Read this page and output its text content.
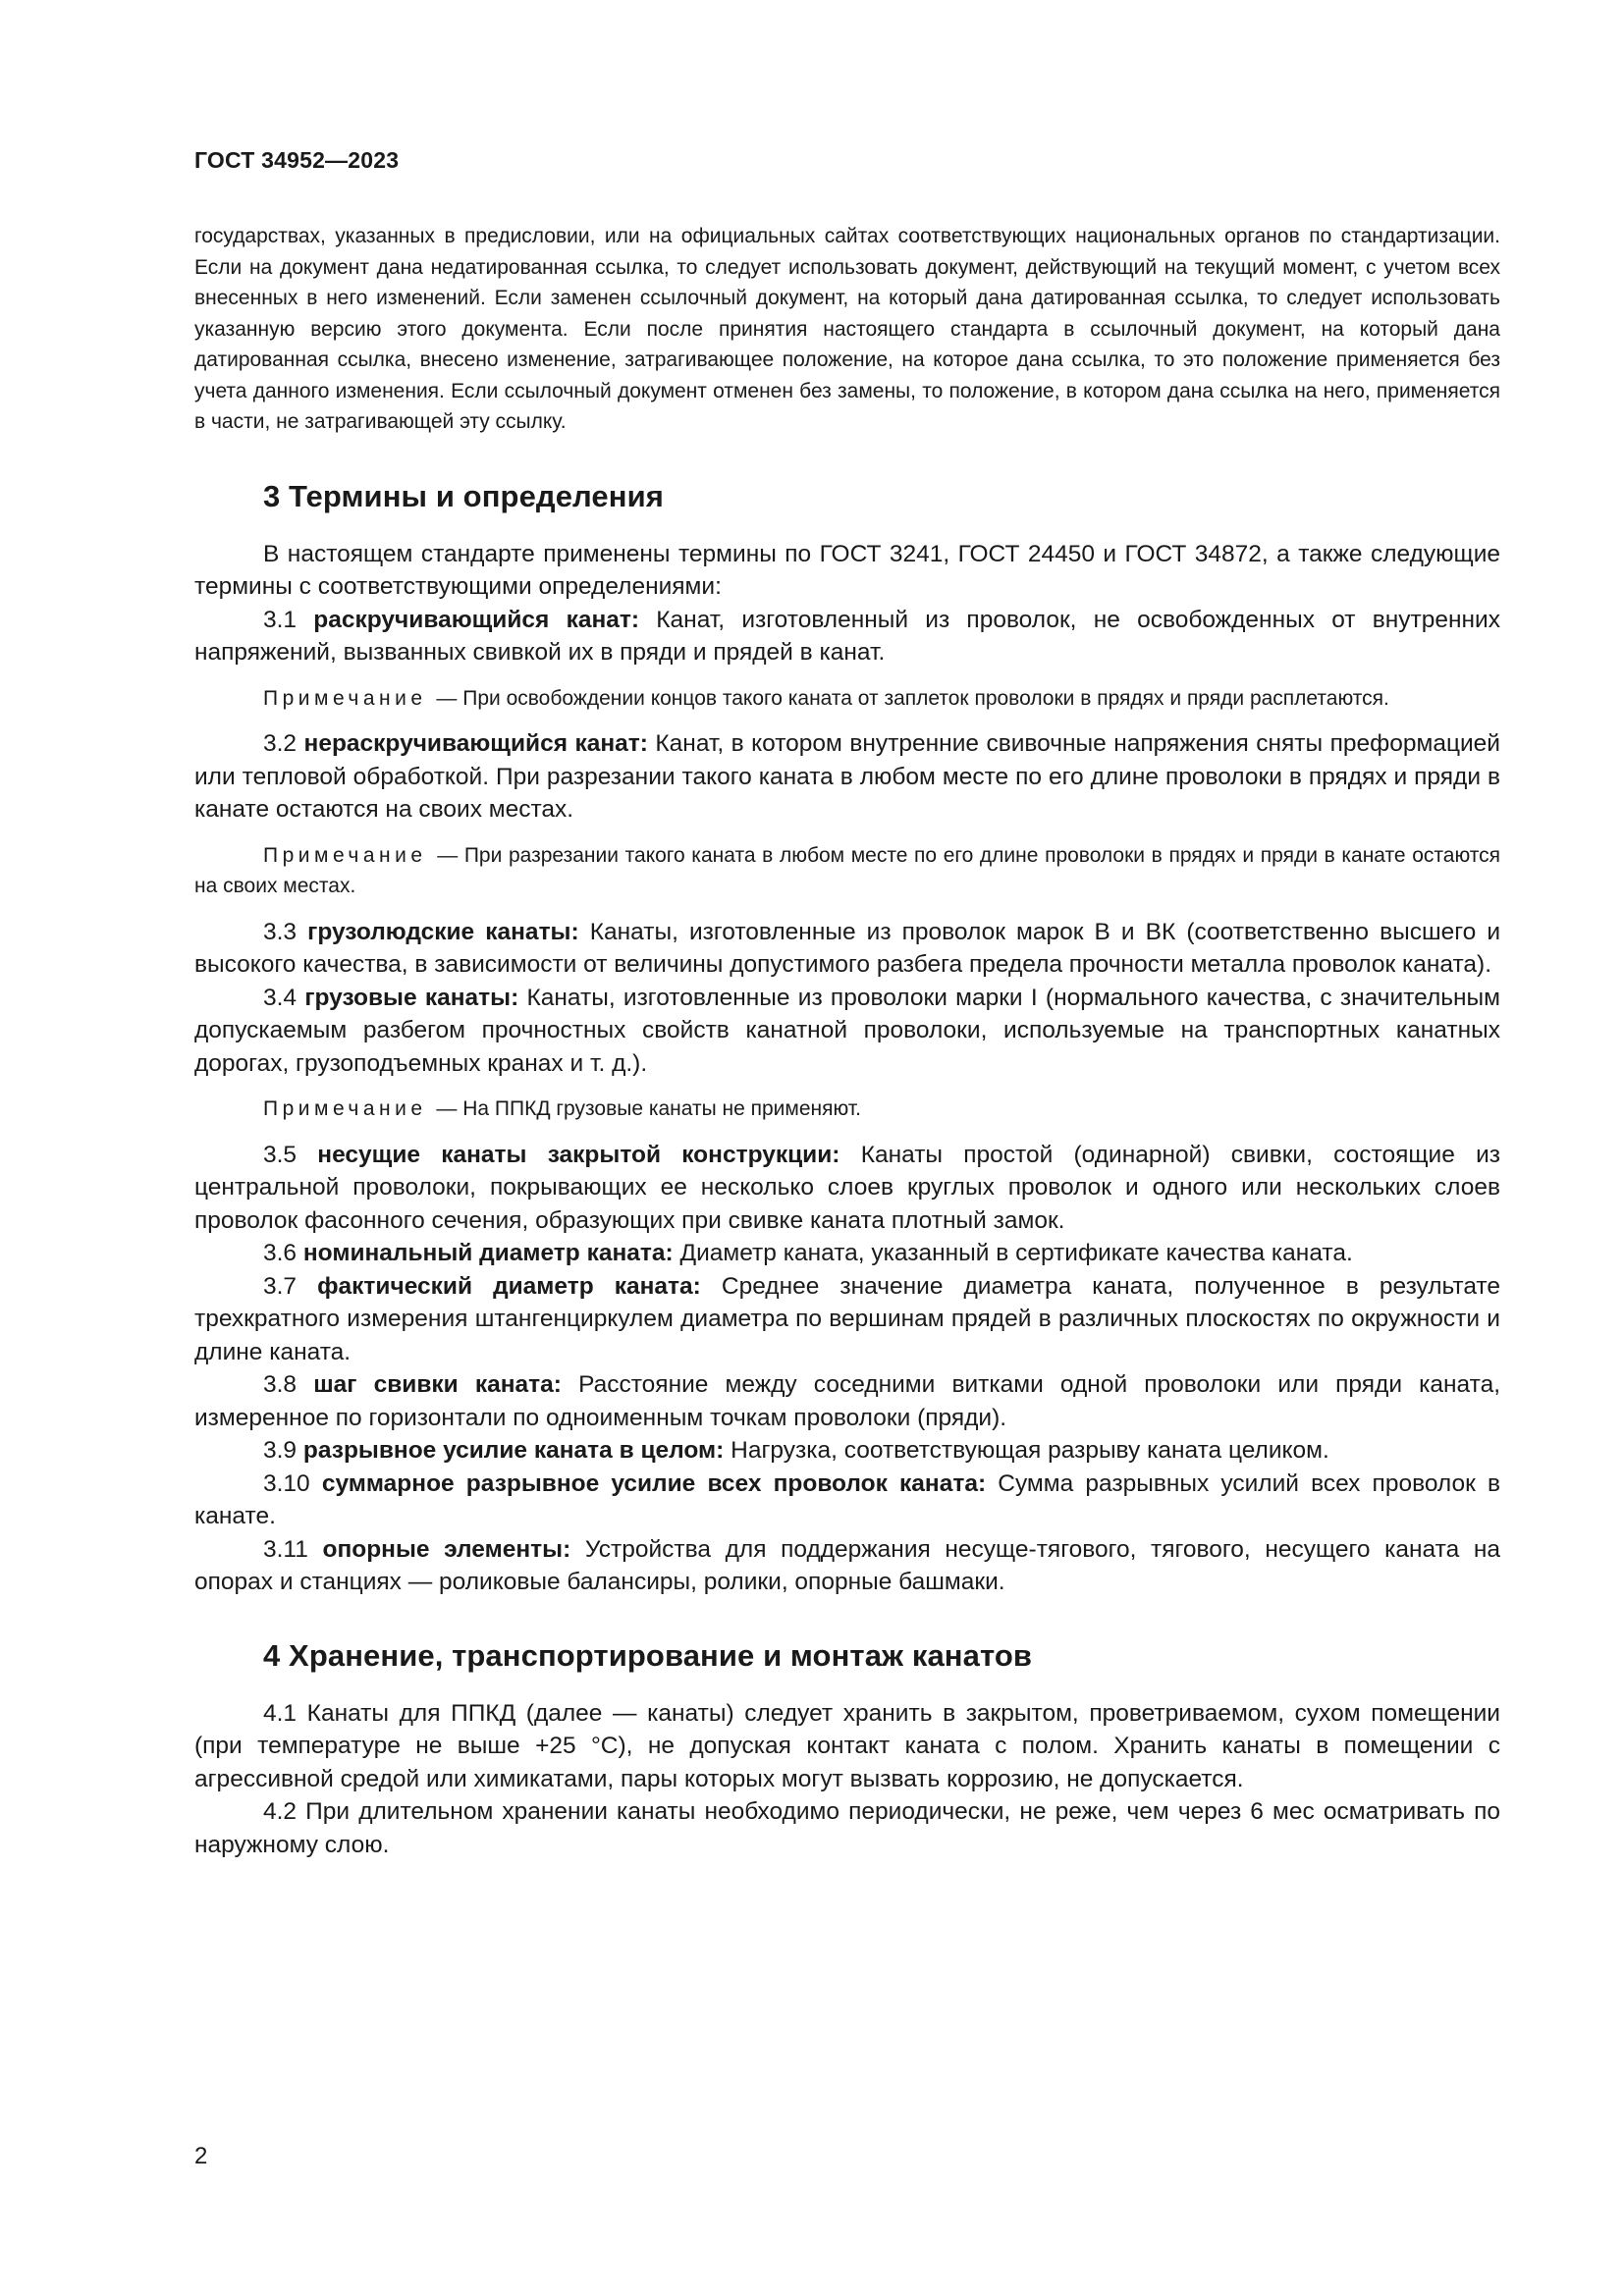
ГОСТ 34952—2023

государствах, указанных в предисловии, или на официальных сайтах соответствующих национальных органов по стандартизации. Если на документ дана недатированная ссылка, то следует использовать документ, действующий на текущий момент, с учетом всех внесенных в него изменений. Если заменен ссылочный документ, на который дана датированная ссылка, то следует использовать указанную версию этого документа. Если после принятия настоящего стандарта в ссылочный документ, на который дана датированная ссылка, внесено изменение, затрагивающее положение, на которое дана ссылка, то это положение применяется без учета данного изменения. Если ссылочный документ отменен без замены, то положение, в котором дана ссылка на него, применяется в части, не затрагивающей эту ссылку.

3 Термины и определения

В настоящем стандарте применены термины по ГОСТ 3241, ГОСТ 24450 и ГОСТ 34872, а также следующие термины с соответствующими определениями:

3.1 раскручивающийся канат: Канат, изготовленный из проволок, не освобожденных от внутренних напряжений, вызванных свивкой их в пряди и прядей в канат.

Примечание — При освобождении концов такого каната от заплеток проволоки в прядях и пряди расплетаются.

3.2 нераскручивающийся канат: Канат, в котором внутренние свивочные напряжения сняты преформацией или тепловой обработкой. При разрезании такого каната в любом месте по его длине проволоки в прядях и пряди в канате остаются на своих местах.

Примечание — При разрезании такого каната в любом месте по его длине проволоки в прядях и пряди в канате остаются на своих местах.

3.3 грузолюдские канаты: Канаты, изготовленные из проволок марок В и ВК (соответственно высшего и высокого качества, в зависимости от величины допустимого разбега предела прочности металла проволок каната).

3.4 грузовые канаты: Канаты, изготовленные из проволоки марки I (нормального качества, с значительным допускаемым разбегом прочностных свойств канатной проволоки, используемые на транспортных канатных дорогах, грузоподъемных кранах и т. д.).

Примечание — На ППКД грузовые канаты не применяют.

3.5 несущие канаты закрытой конструкции: Канаты простой (одинарной) свивки, состоящие из центральной проволоки, покрывающих ее несколько слоев круглых проволок и одного или нескольких слоев проволок фасонного сечения, образующих при свивке каната плотный замок.

3.6 номинальный диаметр каната: Диаметр каната, указанный в сертификате качества каната.

3.7 фактический диаметр каната: Среднее значение диаметра каната, полученное в результате трехкратного измерения штангенциркулем диаметра по вершинам прядей в различных плоскостях по окружности и длине каната.

3.8 шаг свивки каната: Расстояние между соседними витками одной проволоки или пряди каната, измеренное по горизонтали по одноименным точкам проволоки (пряди).

3.9 разрывное усилие каната в целом: Нагрузка, соответствующая разрыву каната целиком.

3.10 суммарное разрывное усилие всех проволок каната: Сумма разрывных усилий всех проволок в канате.

3.11 опорные элементы: Устройства для поддержания несуще-тягового, тягового, несущего каната на опорах и станциях — роликовые балансиры, ролики, опорные башмаки.

4 Хранение, транспортирование и монтаж канатов

4.1 Канаты для ППКД (далее — канаты) следует хранить в закрытом, проветриваемом, сухом помещении (при температуре не выше +25 °С), не допуская контакт каната с полом. Хранить канаты в помещении с агрессивной средой или химикатами, пары которых могут вызвать коррозию, не допускается.

4.2 При длительном хранении канаты необходимо периодически, не реже, чем через 6 мес осматривать по наружному слою.

2
